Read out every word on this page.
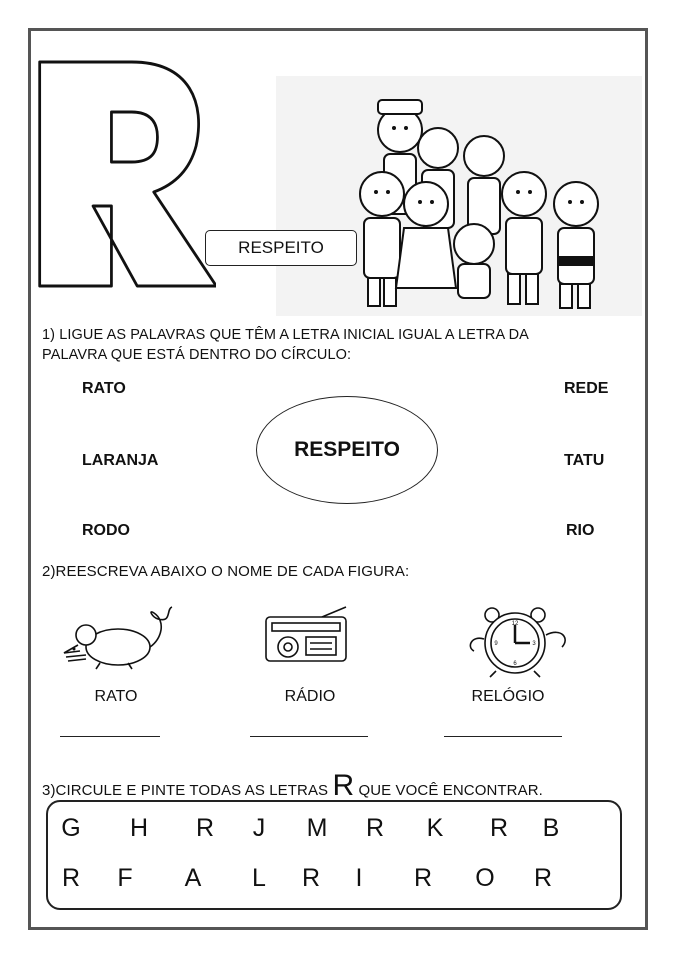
RESPEITO
1) LIGUE AS PALAVRAS QUE TÊM A LETRA INICIAL IGUAL A LETRA DA
PALAVRA QUE ESTÁ DENTRO DO CÍRCULO:
RATO
LARANJA
RODO
REDE
TATU
RIO
RESPEITO
2)REESCREVA ABAIXO O NOME DE CADA FIGURA:
12
3
6
9
RATO	RÁDIO	RELÓGIO
3)CIRCULE E PINTE TODAS AS LETRAS R QUE VOCÊ ENCONTRAR.
G H R	J	M R K R B
R F A	L	R	I	R O R
